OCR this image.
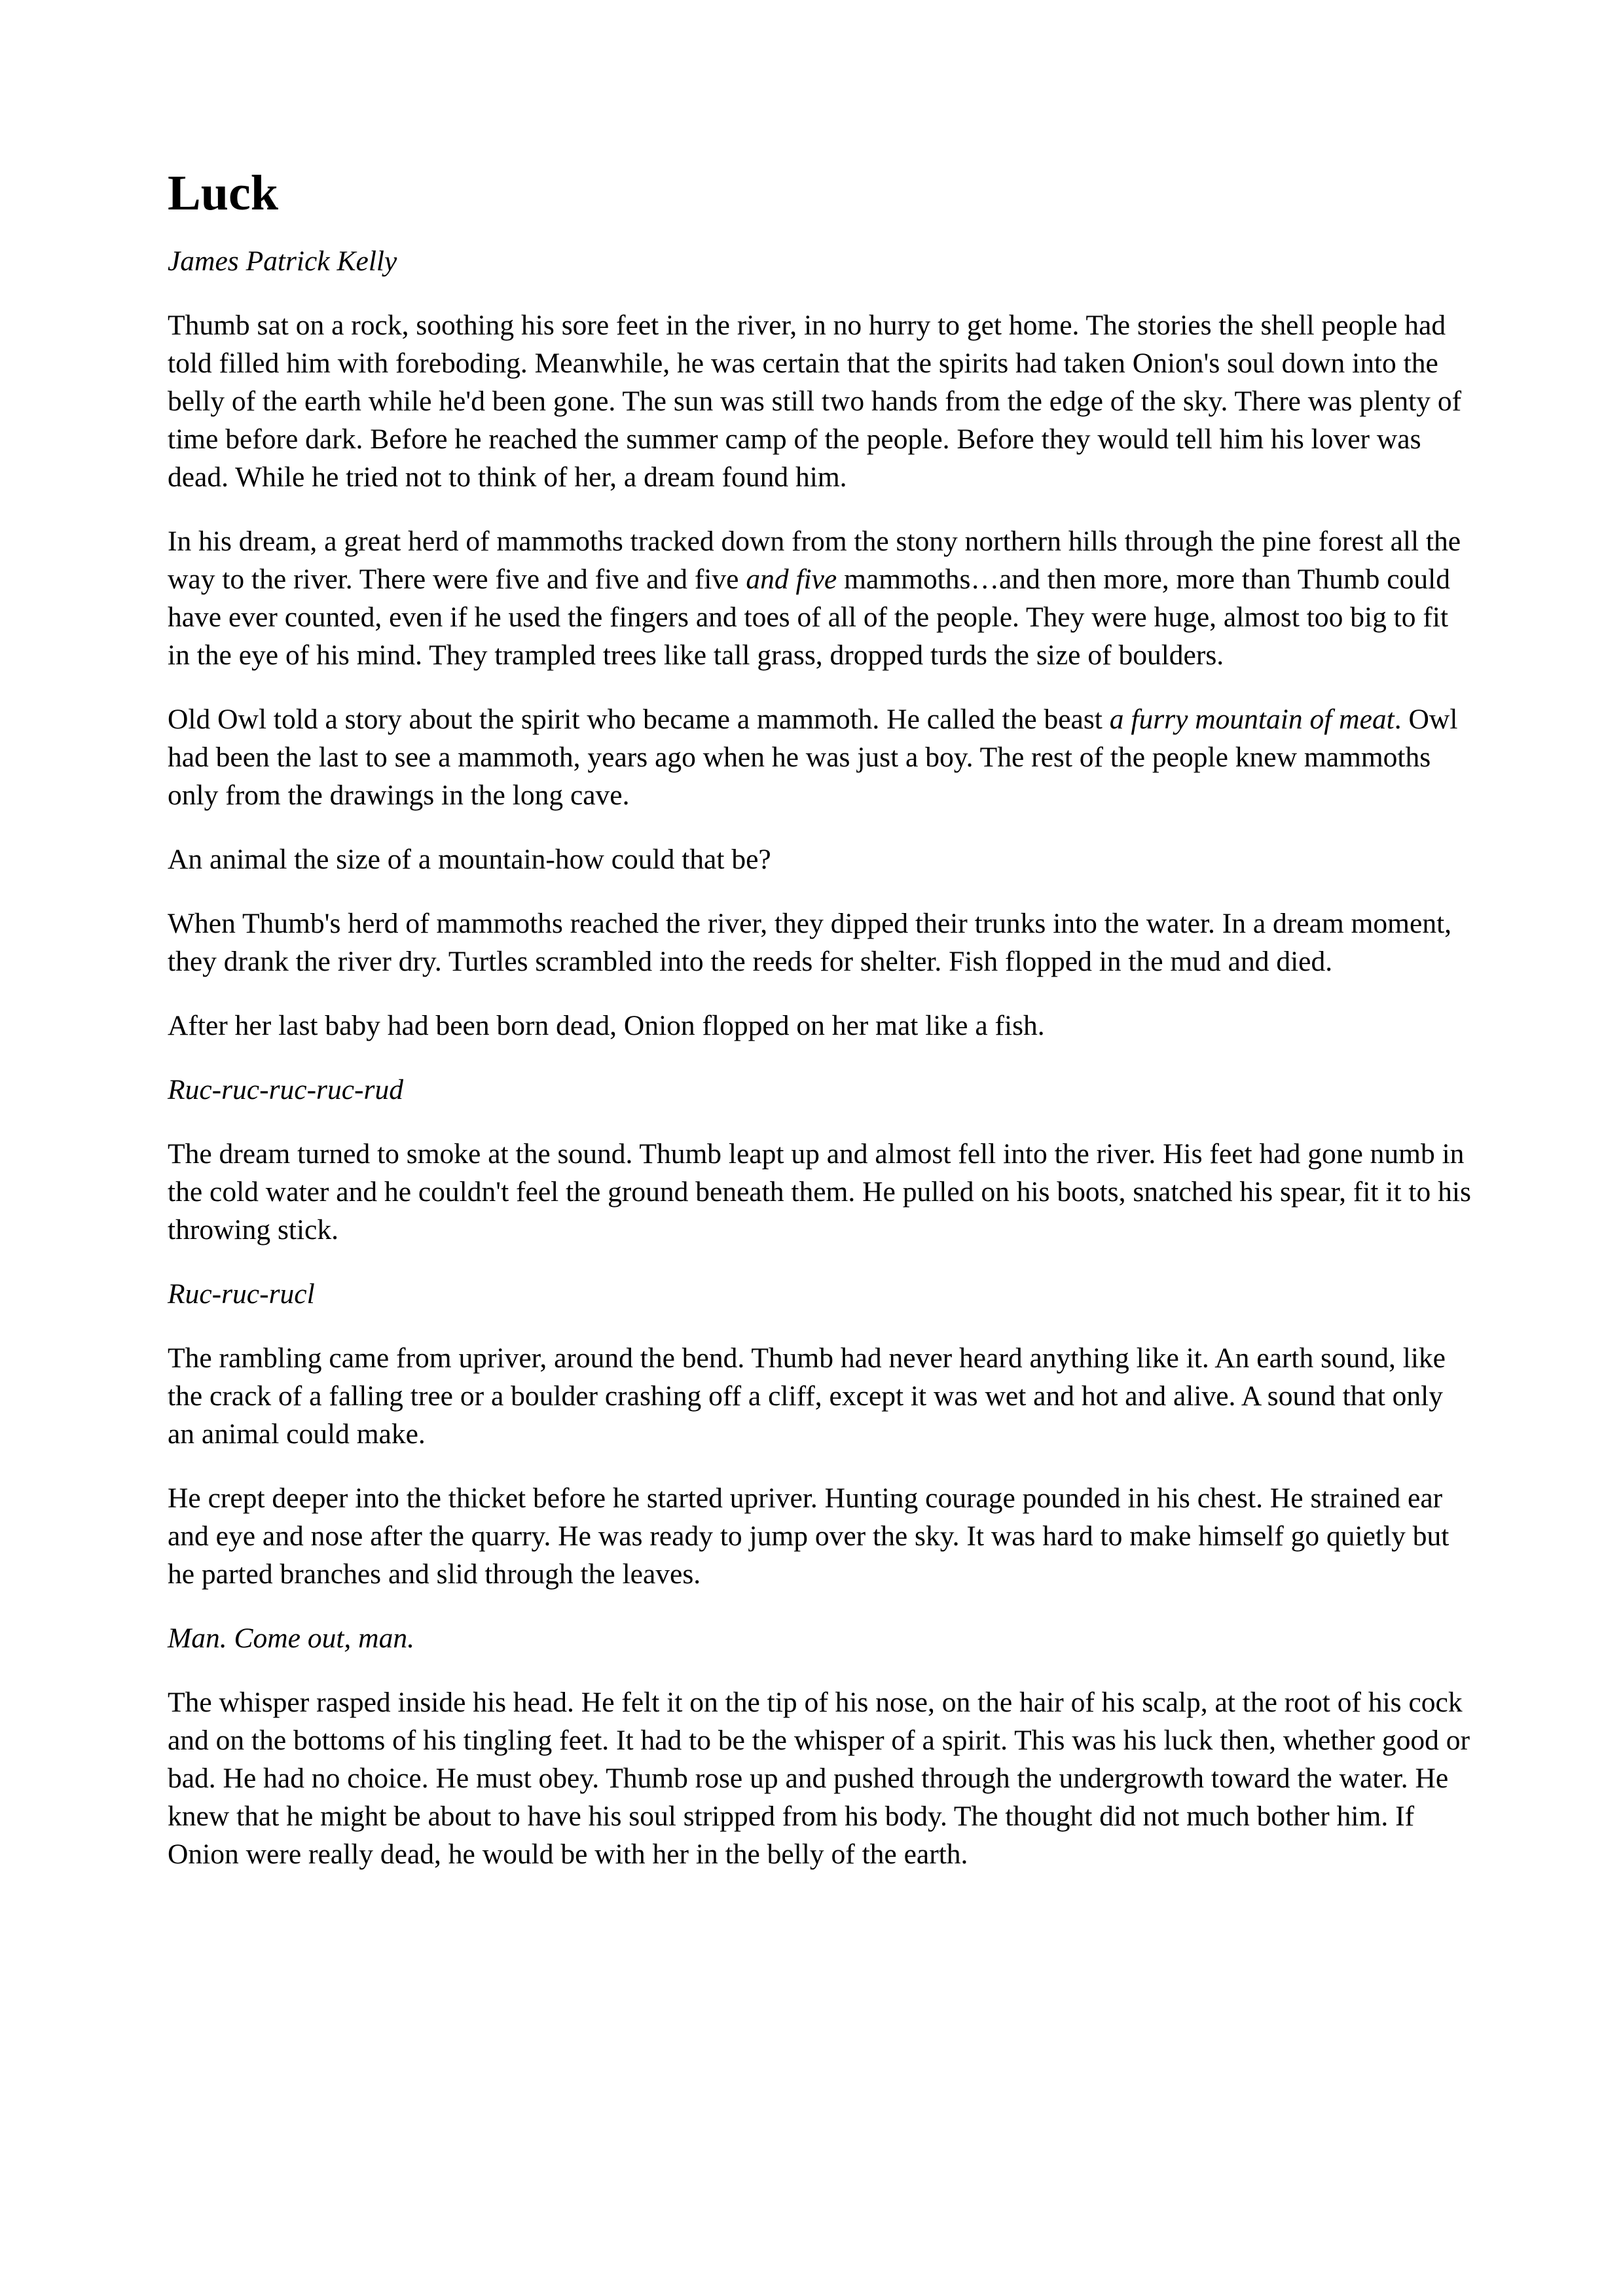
Luck

James Patrick Kelly

Thumb sat on a rock, soothing his sore feet in the river, in no hurry to get home. The stories the shell people had told filled him with foreboding. Meanwhile, he was certain that the spirits had taken Onion's soul down into the belly of the earth while he'd been gone. The sun was still two hands from the edge of the sky. There was plenty of time before dark. Before he reached the summer camp of the people. Before they would tell him his lover was dead. While he tried not to think of her, a dream found him.

In his dream, a great herd of mammoths tracked down from the stony northern hills through the pine forest all the way to the river. There were five and five and five and five mammoths…and then more, more than Thumb could have ever counted, even if he used the fingers and toes of all of the people. They were huge, almost too big to fit in the eye of his mind. They trampled trees like tall grass, dropped turds the size of boulders.

Old Owl told a story about the spirit who became a mammoth. He called the beast a furry mountain of meat. Owl had been the last to see a mammoth, years ago when he was just a boy. The rest of the people knew mammoths only from the drawings in the long cave.

An animal the size of a mountain-how could that be?

When Thumb's herd of mammoths reached the river, they dipped their trunks into the water. In a dream moment, they drank the river dry. Turtles scrambled into the reeds for shelter. Fish flopped in the mud and died.

After her last baby had been born dead, Onion flopped on her mat like a fish.

Ruc-ruc-ruc-ruc-rud

The dream turned to smoke at the sound. Thumb leapt up and almost fell into the river. His feet had gone numb in the cold water and he couldn't feel the ground beneath them. He pulled on his boots, snatched his spear, fit it to his throwing stick.

Ruc-ruc-rucl

The rambling came from upriver, around the bend. Thumb had never heard anything like it. An earth sound, like the crack of a falling tree or a boulder crashing off a cliff, except it was wet and hot and alive. A sound that only an animal could make.

He crept deeper into the thicket before he started upriver. Hunting courage pounded in his chest. He strained ear and eye and nose after the quarry. He was ready to jump over the sky. It was hard to make himself go quietly but he parted branches and slid through the leaves.

Man. Come out, man.

The whisper rasped inside his head. He felt it on the tip of his nose, on the hair of his scalp, at the root of his cock and on the bottoms of his tingling feet. It had to be the whisper of a spirit. This was his luck then, whether good or bad. He had no choice. He must obey. Thumb rose up and pushed through the undergrowth toward the water. He knew that he might be about to have his soul stripped from his body. The thought did not much bother him. If Onion were really dead, he would be with her in the belly of the earth.
